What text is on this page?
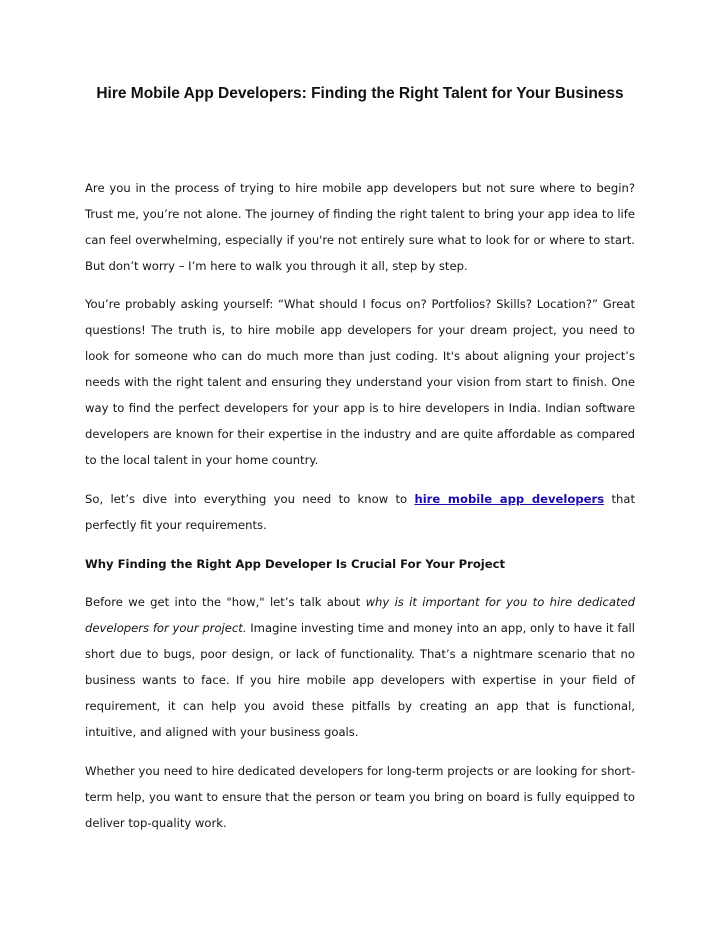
Hire Mobile App Developers: Finding the Right Talent for Your Business

Are you in the process of trying to hire mobile app developers but not sure where to begin? Trust me, you’re not alone. The journey of finding the right talent to bring your app idea to life can feel overwhelming, especially if you're not entirely sure what to look for or where to start. But don’t worry – I’m here to walk you through it all, step by step.

You’re probably asking yourself: “What should I focus on? Portfolios? Skills? Location?” Great questions! The truth is, to hire mobile app developers for your dream project, you need to look for someone who can do much more than just coding. It's about aligning your project’s needs with the right talent and ensuring they understand your vision from start to finish. One way to find the perfect developers for your app is to hire developers in India. Indian software developers are known for their expertise in the industry and are quite affordable as compared to the local talent in your home country.

So, let’s dive into everything you need to know to hire mobile app developers that perfectly fit your requirements.

Why Finding the Right App Developer Is Crucial For Your Project

Before we get into the "how," let’s talk about why is it important for you to hire dedicated developers for your project. Imagine investing time and money into an app, only to have it fall short due to bugs, poor design, or lack of functionality. That’s a nightmare scenario that no business wants to face. If you hire mobile app developers with expertise in your field of requirement, it can help you avoid these pitfalls by creating an app that is functional, intuitive, and aligned with your business goals.

Whether you need to hire dedicated developers for long-term projects or are looking for short-term help, you want to ensure that the person or team you bring on board is fully equipped to deliver top-quality work.
